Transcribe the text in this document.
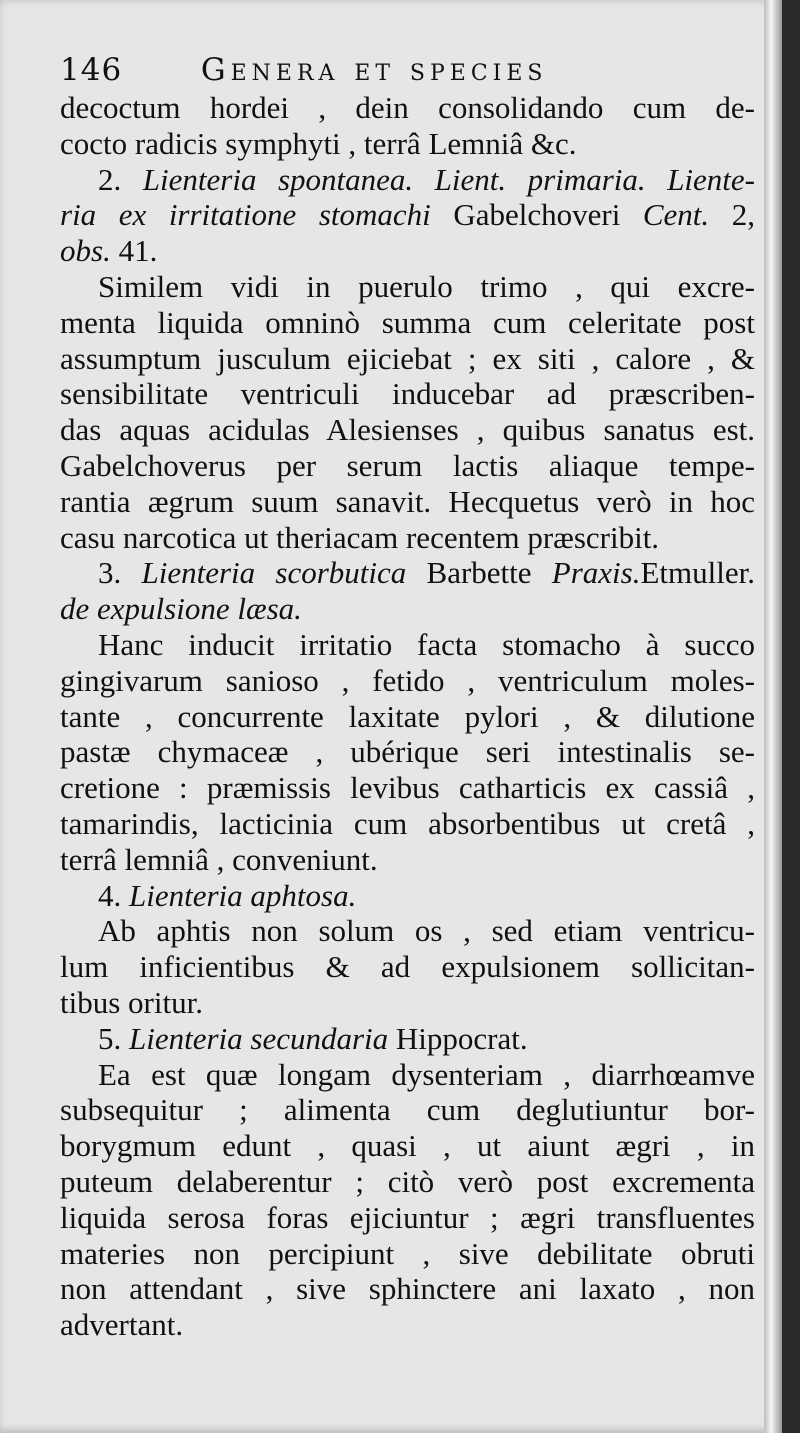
146	Genera et species
decoctum hordei , dein consolidando cum de-
cocto radicis symphyti , terrâ Lemniâ &c.
2. Lienteria spontanea. Lient. primaria. Liente-
ria ex irritatione stomachi Gabelchoveri Cent. 2,
obs. 41.
Similem vidi in puerulo trimo , qui excre-
menta liquida omninò summa cum celeritate post
assumptum jusculum ejiciebat ; ex siti , calore , &
sensibilitate ventriculi inducebar ad præscriben-
das aquas acidulas Alesienses , quibus sanatus est.
Gabelchoverus per serum lactis aliaque tempe-
rantia ægrum suum sanavit. Hecquetus verò in hoc
casu narcotica ut theriacam recentem præscribit.
3. Lienteria scorbutica Barbette Praxis.Etmuller.
de expulsione læsa.
Hanc inducit irritatio facta stomacho à succo
gingivarum sanioso , fetido , ventriculum moles-
tante , concurrente laxitate pylori , & dilutione
pastæ chymaceæ , ubérique seri intestinalis se-
cretione : præmissis levibus catharticis ex cassiâ ,
tamarindis, lacticinia cum absorbentibus ut cretâ ,
terrâ lemniâ , conveniunt.
4. Lienteria aphtosa.
Ab aphtis non solum os , sed etiam ventricu-
lum inficientibus & ad expulsionem sollicitan-
tibus oritur.
5. Lienteria secundaria Hippocrat.
Ea est quæ longam dysenteriam , diarrhœamve
subsequitur ; alimenta cum deglutiuntur bor-
borygmum edunt , quasi , ut aiunt ægri , in
puteum delaberentur ; citò verò post excrementa
liquida serosa foras ejiciuntur ; ægri transfluentes
materies non percipiunt , sive debilitate obruti
non attendant , sive sphinctere ani laxato , non
advertant.
